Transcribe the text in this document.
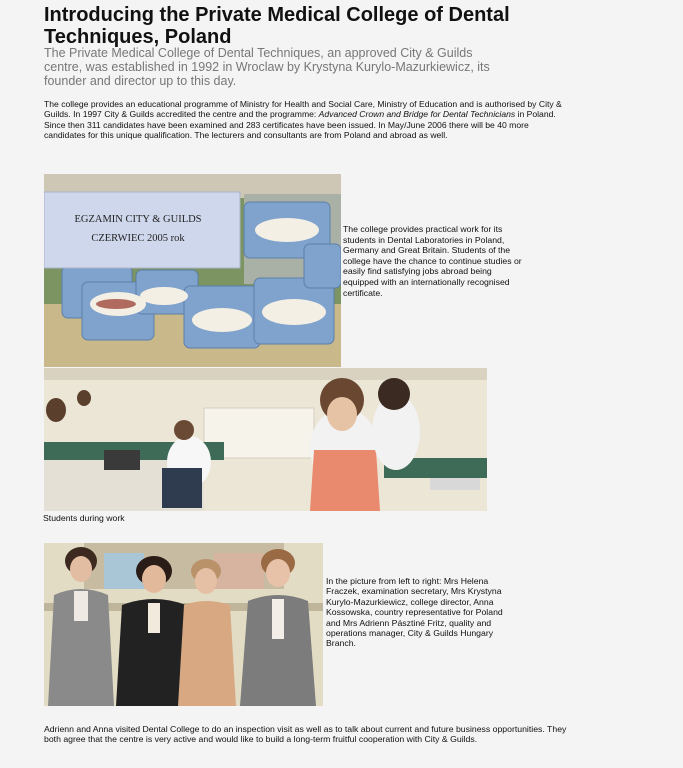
Introducing the Private Medical College of Dental Techniques, Poland

The Private Medical College of Dental Techniques, an approved City & Guilds centre, was established in 1992 in Wroclaw by Krystyna Kurylo-Mazurkiewicz, its founder and director up to this day.

The college provides an educational programme of Ministry for Health and Social Care, Ministry of Education and is authorised by City & Guilds. In 1997 City & Guilds accredited the centre and the programme: Advanced Crown and Bridge for Dental Technicians in Poland. Since then 311 candidates have been examined and 283 certificates have been issued. In May/June 2006 there will be 40 more candidates for this unique qualification. The lecturers and consultants are from Poland and abroad as well.

EGZAMIN CITY & GUILDS
CZERWIEC 2005 rok

The college provides practical work for its students in Dental Laboratories in Poland, Germany and Great Britain. Students of the college have the chance to continue studies or easily find satisfying jobs abroad being equipped with an internationally recognised certificate.

Students during work

In the picture from left to right: Mrs Helena Fraczek, examination secretary, Mrs Krystyna Kurylo-Mazurkiewicz, college director, Anna Kossowska, country representative for Poland and Mrs Adrienn Pásztiné Fritz, quality and operations manager, City & Guilds Hungary Branch.

Adrienn and Anna visited Dental College to do an inspection visit as well as to talk about current and future business opportunities. They both agree that the centre is very active and would like to build a long-term fruitful cooperation with City & Guilds.
